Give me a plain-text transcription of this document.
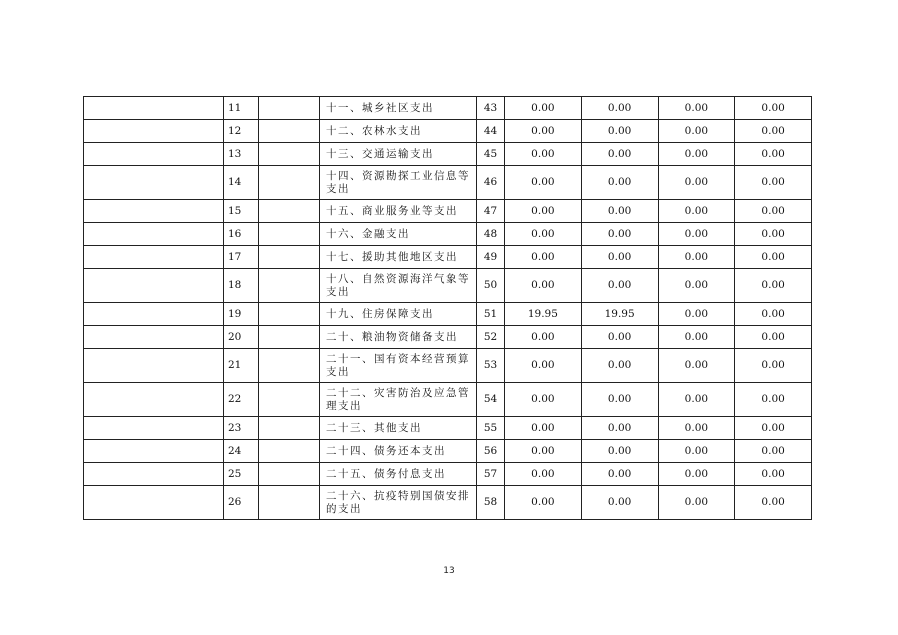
	11		十一、城乡社区支出	43	0.00	0.00	0.00	0.00
	12		十二、农林水支出	44	0.00	0.00	0.00	0.00
	13		十三、交通运输支出	45	0.00	0.00	0.00	0.00
	14		十四、资源勘探工业信息等支出	46	0.00	0.00	0.00	0.00
	15		十五、商业服务业等支出	47	0.00	0.00	0.00	0.00
	16		十六、金融支出	48	0.00	0.00	0.00	0.00
	17		十七、援助其他地区支出	49	0.00	0.00	0.00	0.00
	18		十八、自然资源海洋气象等支出	50	0.00	0.00	0.00	0.00
	19		十九、住房保障支出	51	19.95	19.95	0.00	0.00
	20		二十、粮油物资储备支出	52	0.00	0.00	0.00	0.00
	21		二十一、国有资本经营预算支出	53	0.00	0.00	0.00	0.00
	22		二十二、灾害防治及应急管理支出	54	0.00	0.00	0.00	0.00
	23		二十三、其他支出	55	0.00	0.00	0.00	0.00
	24		二十四、债务还本支出	56	0.00	0.00	0.00	0.00
	25		二十五、债务付息支出	57	0.00	0.00	0.00	0.00
	26		二十六、抗疫特别国债安排的支出	58	0.00	0.00	0.00	0.00
13
